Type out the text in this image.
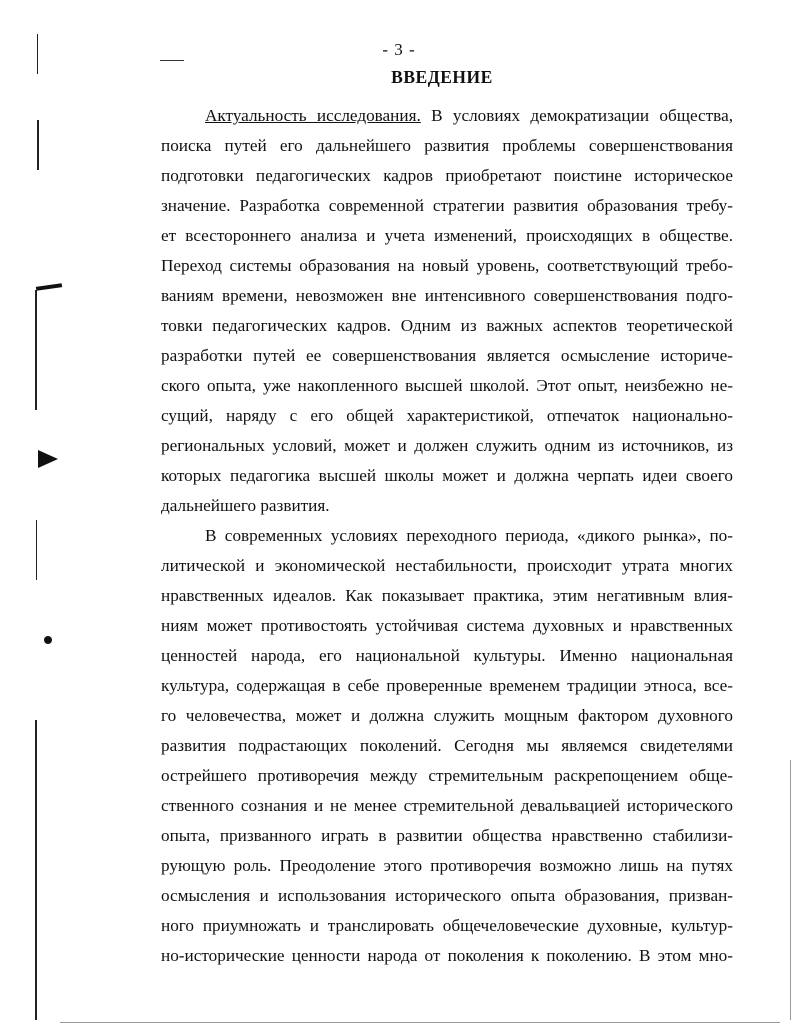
- 3 -
ВВЕДЕНИЕ
Актуальность исследования. В условиях демократизации общества,
поиска путей его дальнейшего развития проблемы совершенствования
подготовки педагогических кадров приобретают поистине историческое
значение. Разработка современной стратегии развития образования требу-
ет всестороннего анализа и учета изменений, происходящих в обществе.
Переход системы образования на новый уровень, соответствующий требо-
ваниям времени, невозможен вне интенсивного совершенствования подго-
товки педагогических кадров. Одним из важных аспектов теоретической
разработки путей ее совершенствования является осмысление историче-
ского опыта, уже накопленного высшей школой. Этот опыт, неизбежно не-
сущий, наряду с его общей характеристикой, отпечаток национально-
региональных условий, может и должен служить одним из источников, из
которых педагогика высшей школы может и должна черпать идеи своего
дальнейшего развития.
В современных условиях переходного периода, «дикого рынка», по-
литической и экономической нестабильности, происходит утрата многих
нравственных идеалов. Как показывает практика, этим негативным влия-
ниям может противостоять устойчивая система духовных и нравственных
ценностей народа, его национальной культуры. Именно национальная
культура, содержащая в себе проверенные временем традиции этноса, все-
го человечества, может и должна служить мощным фактором духовного
развития подрастающих поколений. Сегодня мы являемся свидетелями
острейшего противоречия между стремительным раскрепощением обще-
ственного сознания и не менее стремительной девальвацией исторического
опыта, призванного играть в развитии общества нравственно стабилизи-
рующую роль. Преодоление этого противоречия возможно лишь на путях
осмысления и использования исторического опыта образования, призван-
ного приумножать и транслировать общечеловеческие духовные, культур-
но-исторические ценности народа от поколения к поколению. В этом мно-
